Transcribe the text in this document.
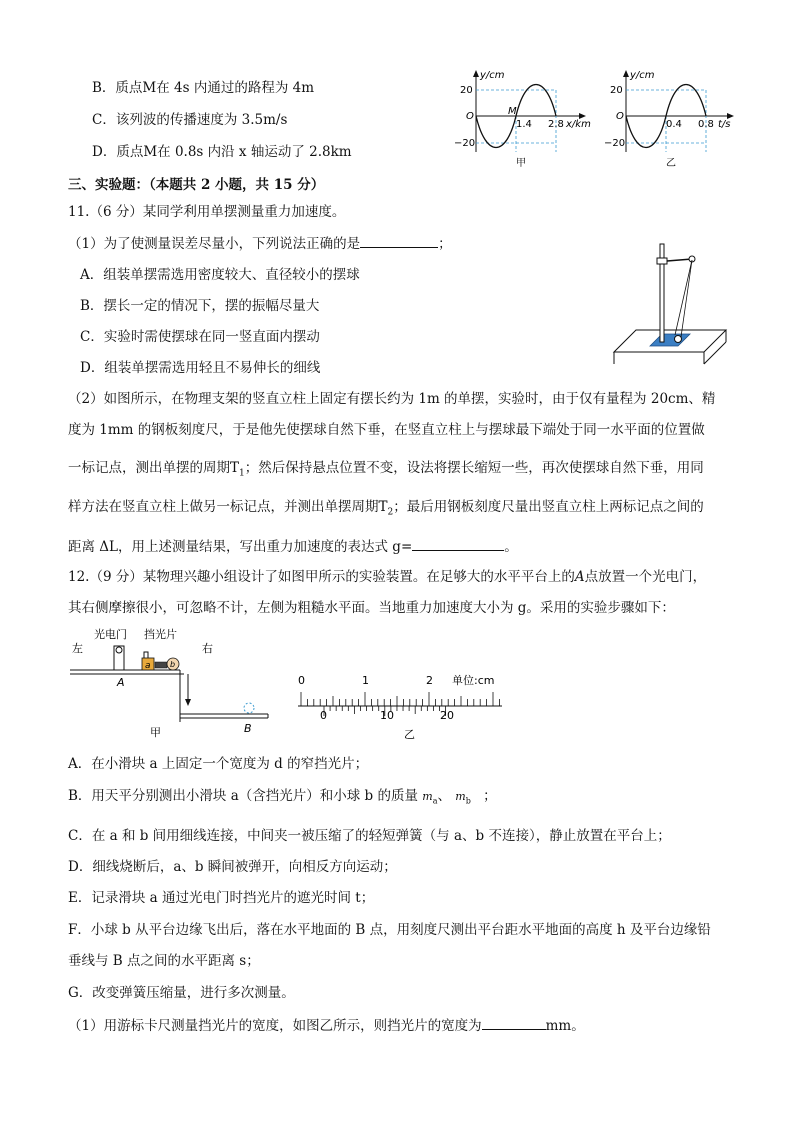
B．质点M在 4s 内通过的路程为 4m
C．该列波的传播速度为 3.5m/s
D．质点M在 0.8s 内沿 x 轴运动了 2.8km
y/cm
20
O
−20
M
1.4 2.8 x/km
甲
y/cm
20
O
−20
0.4 0.8 t/s
乙
三、实验题：（本题共 2 小题，共 15 分）
11.（6 分）某同学利用单摆测量重力加速度。
（1）为了使测量误差尽量小，下列说法正确的是	；
A．组装单摆需选用密度较大、直径较小的摆球
B．摆长一定的情况下，摆的振幅尽量大
C．实验时需使摆球在同一竖直面内摆动
D．组装单摆需选用轻且不易伸长的细线
（2）如图所示，在物理支架的竖直立柱上固定有摆长约为 1m 的单摆，实验时，由于仅有量程为 20cm、精
度为 1mm 的钢板刻度尺，于是他先使摆球自然下垂，在竖直立柱上与摆球最下端处于同一水平面的位置做
一标记点，测出单摆的周期$T_1$；然后保持悬点位置不变，设法将摆长缩短一些，再次使摆球自然下垂，用同
样方法在竖直立柱上做另一标记点，并测出单摆周期$T_2$；最后用钢板刻度尺量出竖直立柱上两标记点之间的
距离 ΔL，用上述测量结果，写出重力加速度的表达式 g=	。
12.（9 分）某物理兴趣小组设计了如图甲所示的实验装置。在足够大的水平平台上的A点放置一个光电门，
其右侧摩擦很小，可忽略不计，左侧为粗糙水平面。当地重力加速度大小为 g。采用的实验步骤如下：
左
光电门 挡光片
右
a b
A
B
甲
0	1	2 单位:cm
0	10	20
乙
A．在小滑块 a 上固定一个宽度为 d 的窄挡光片；
B．用天平分别测出小滑块 a（含挡光片）和小球 b 的质量 $m_a$、 $m_b$ ；
C．在 a 和 b 间用细线连接，中间夹一被压缩了的轻短弹簧（与 a、b 不连接），静止放置在平台上；
D．细线烧断后，a、b 瞬间被弹开，向相反方向运动；
E．记录滑块 a 通过光电门时挡光片的遮光时间 t；
F．小球 b 从平台边缘飞出后，落在水平地面的 B 点，用刻度尺测出平台距水平地面的高度 h 及平台边缘铅
垂线与 B 点之间的水平距离 s；
G．改变弹簧压缩量，进行多次测量。
（1）用游标卡尺测量挡光片的宽度，如图乙所示，则挡光片的宽度为	mm。
